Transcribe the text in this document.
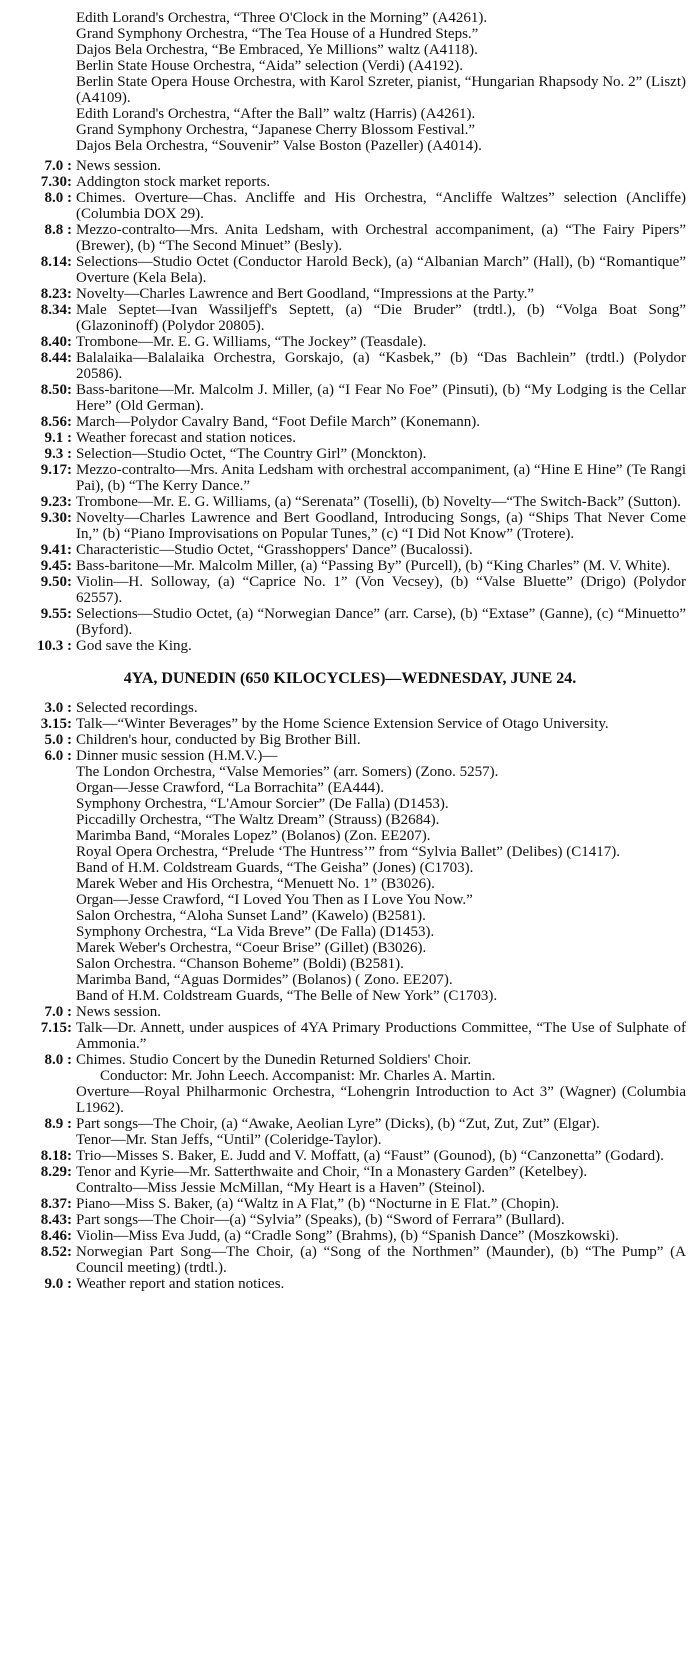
Edith Lorand's Orchestra, “Three O'Clock in the Morning” (A4261).
Grand Symphony Orchestra, “The Tea House of a Hundred Steps.”
Dajos Bela Orchestra, “Be Embraced, Ye Millions” waltz (A4118).
Berlin State House Orchestra, “Aida” selection (Verdi) (A4192).
Berlin State Opera House Orchestra, with Karol Szreter, pianist, “Hungarian Rhapsody No. 2” (Liszt) (A4109).
Edith Lorand's Orchestra, “After the Ball” waltz (Harris) (A4261).
Grand Symphony Orchestra, “Japanese Cherry Blossom Festival.”
Dajos Bela Orchestra, “Souvenir” Valse Boston (Pazeller) (A4014).
7.0 : News session.
7.30: Addington stock market reports.
8.0 : Chimes. Overture—Chas. Ancliffe and His Orchestra, “Ancliffe Waltzes” selection (Ancliffe) (Columbia DOX 29).
8.8 : Mezzo-contralto—Mrs. Anita Ledsham, with Orchestral accompaniment, (a) “The Fairy Pipers” (Brewer), (b) “The Second Minuet” (Besly).
8.14: Selections—Studio Octet (Conductor Harold Beck), (a) “Albanian March” (Hall), (b) “Romantique” Overture (Kela Bela).
8.23: Novelty—Charles Lawrence and Bert Goodland, “Impressions at the Party.”
8.34: Male Septet—Ivan Wassiljeff's Septett, (a) “Die Bruder” (trdtl.), (b) “Volga Boat Song” (Glazoninoff) (Polydor 20805).
8.40: Trombone—Mr. E. G. Williams, “The Jockey” (Teasdale).
8.44: Balalaika—Balalaika Orchestra, Gorskajo, (a) “Kasbek,” (b) “Das Bachlein” (trdtl.) (Polydor 20586).
8.50: Bass-baritone—Mr. Malcolm J. Miller, (a) “I Fear No Foe” (Pinsuti), (b) “My Lodging is the Cellar Here” (Old German).
8.56: March—Polydor Cavalry Band, “Foot Defile March” (Konemann).
9.1 : Weather forecast and station notices.
9.3 : Selection—Studio Octet, “The Country Girl” (Monckton).
9.17: Mezzo-contralto—Mrs. Anita Ledsham with orchestral accompaniment, (a) “Hine E Hine” (Te Rangi Pai), (b) “The Kerry Dance.”
9.23: Trombone—Mr. E. G. Williams, (a) “Serenata” (Toselli), (b) Novelty—“The Switch-Back” (Sutton).
9.30: Novelty—Charles Lawrence and Bert Goodland, Introducing Songs, (a) “Ships That Never Come In,” (b) “Piano Improvisations on Popular Tunes,” (c) “I Did Not Know” (Trotere).
9.41: Characteristic—Studio Octet, “Grasshoppers' Dance” (Bucalossi).
9.45: Bass-baritone—Mr. Malcolm Miller, (a) “Passing By” (Purcell), (b) “King Charles” (M. V. White).
9.50: Violin—H. Solloway, (a) “Caprice No. 1” (Von Vecsey), (b) “Valse Bluette” (Drigo) (Polydor 62557).
9.55: Selections—Studio Octet, (a) “Norwegian Dance” (arr. Carse), (b) “Extase” (Ganne), (c) “Minuetto” (Byford).
10.3 : God save the King.
4YA, DUNEDIN (650 KILOCYCLES)—WEDNESDAY, JUNE 24.
3.0 : Selected recordings.
3.15: Talk—“Winter Beverages” by the Home Science Extension Service of Otago University.
5.0 : Children's hour, conducted by Big Brother Bill.
6.0 : Dinner music session (H.M.V.)—
The London Orchestra, “Valse Memories” (arr. Somers) (Zono. 5257).
Organ—Jesse Crawford, “La Borrachita” (EA444).
Symphony Orchestra, “L'Amour Sorcier” (De Falla) (D1453).
Piccadilly Orchestra, “The Waltz Dream” (Strauss) (B2684).
Marimba Band, “Morales Lopez” (Bolanos) (Zon. EE207).
Royal Opera Orchestra, “Prelude ‘The Huntress’” from “Sylvia Ballet” (Delibes) (C1417).
Band of H.M. Coldstream Guards, “The Geisha” (Jones) (C1703).
Marek Weber and His Orchestra, “Menuett No. 1” (B3026).
Organ—Jesse Crawford, “I Loved You Then as I Love You Now.”
Salon Orchestra, “Aloha Sunset Land” (Kawelo) (B2581).
Symphony Orchestra, “La Vida Breve” (De Falla) (D1453).
Marek Weber's Orchestra, “Coeur Brise” (Gillet) (B3026).
Salon Orchestra. “Chanson Boheme” (Boldi) (B2581).
Marimba Band, “Aguas Dormides” (Bolanos) ( Zono. EE207).
Band of H.M. Coldstream Guards, “The Belle of New York” (C1703).
7.0 : News session.
7.15: Talk—Dr. Annett, under auspices of 4YA Primary Productions Committee, “The Use of Sulphate of Ammonia.”
8.0 : Chimes. Studio Concert by the Dunedin Returned Soldiers' Choir.
Conductor: Mr. John Leech. Accompanist: Mr. Charles A. Martin.
Overture—Royal Philharmonic Orchestra, “Lohengrin Introduction to Act 3” (Wagner) (Columbia L1962).
8.9 : Part songs—The Choir, (a) “Awake, Aeolian Lyre” (Dicks), (b) “Zut, Zut, Zut” (Elgar).
Tenor—Mr. Stan Jeffs, “Until” (Coleridge-Taylor).
8.18: Trio—Misses S. Baker, E. Judd and V. Moffatt, (a) “Faust” (Gounod), (b) “Canzonetta” (Godard).
8.29: Tenor and Kyrie—Mr. Satterthwaite and Choir, “In a Monastery Garden” (Ketelbey).
Contralto—Miss Jessie McMillan, “My Heart is a Haven” (Steinol).
8.37: Piano—Miss S. Baker, (a) “Waltz in A Flat,” (b) “Nocturne in E Flat.” (Chopin).
8.43: Part songs—The Choir—(a) “Sylvia” (Speaks), (b) “Sword of Ferrara” (Bullard).
8.46: Violin—Miss Eva Judd, (a) “Cradle Song” (Brahms), (b) “Spanish Dance” (Moszkowski).
8.52: Norwegian Part Song—The Choir, (a) “Song of the Northmen” (Maunder), (b) “The Pump” (A Council meeting) (trdtl.).
9.0 : Weather report and station notices.
